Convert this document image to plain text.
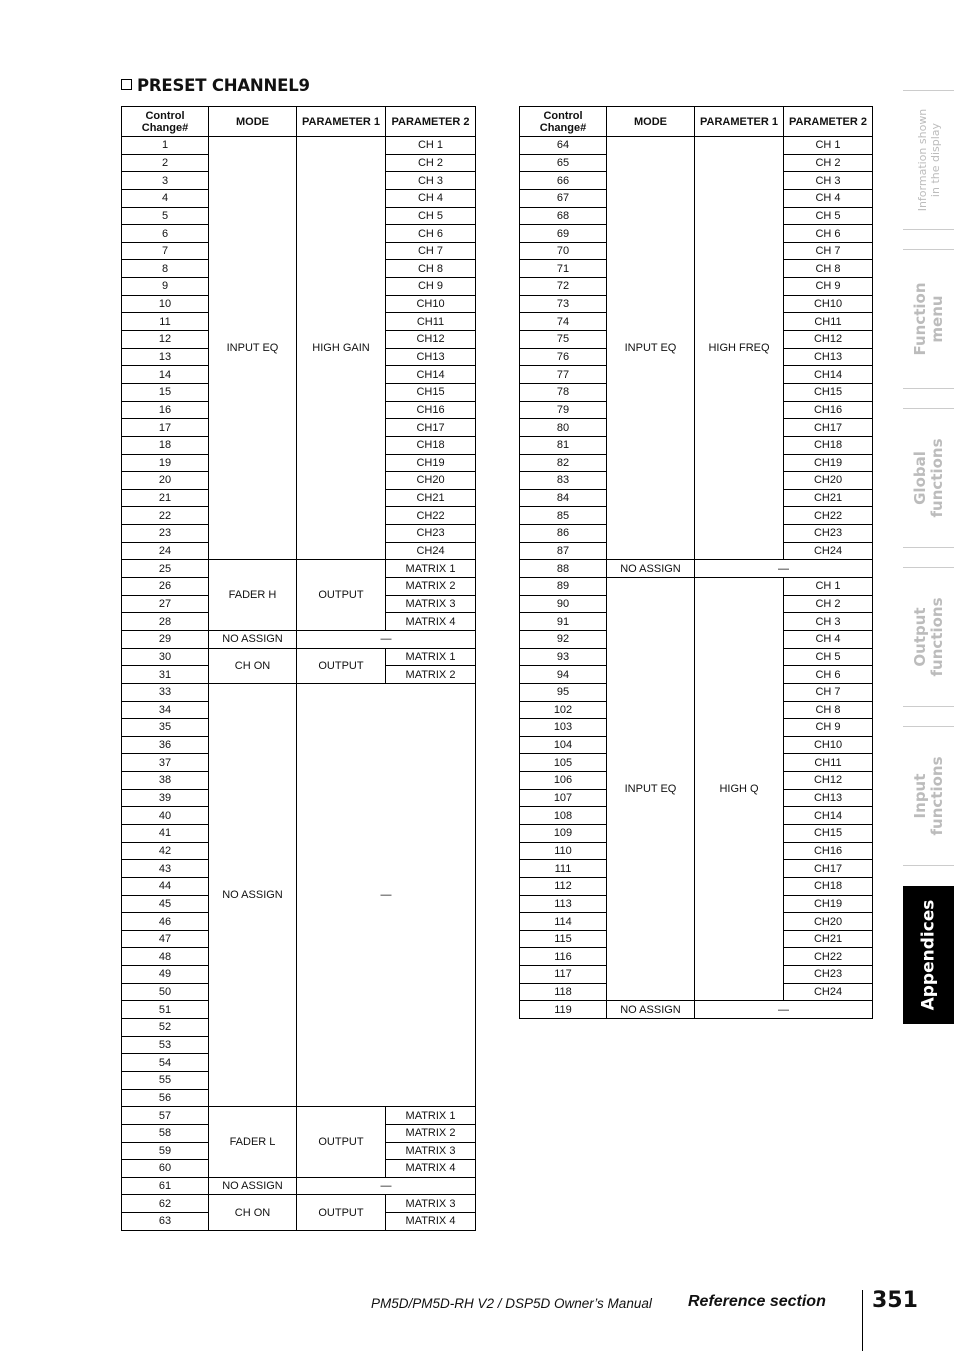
PRESET CHANNEL9
Control
Change#	MODE	PARAMETER 1	PARAMETER 2
1	INPUT EQ	HIGH GAIN	CH 1
2			CH 2
3			CH 3
4			CH 4
5			CH 5
6			CH 6
7			CH 7
8			CH 8
9			CH 9
10			CH10
11			CH11
12			CH12
13			CH13
14			CH14
15			CH15
16			CH16
17			CH17
18			CH18
19			CH19
20			CH20
21			CH21
22			CH22
23			CH23
24			CH24
25	FADER H	OUTPUT	MATRIX 1
26			MATRIX 2
27			MATRIX 3
28			MATRIX 4
29	NO ASSIGN	—	
30	CH ON	OUTPUT	MATRIX 1
31			MATRIX 2
33	NO ASSIGN	—	
34			
35			
36			
37			
38			
39			
40			
41			
42			
43			
44			
45			
46			
47			
48			
49			
50			
51			
52			
53			
54			
55			
56			
57	FADER L	OUTPUT	MATRIX 1
58			MATRIX 2
59			MATRIX 3
60			MATRIX 4
61	NO ASSIGN	—	
62	CH ON	OUTPUT	MATRIX 3
63			MATRIX 4
Control
Change#	MODE	PARAMETER 1	PARAMETER 2
64	INPUT EQ	HIGH FREQ	CH 1
65			CH 2
66			CH 3
67			CH 4
68			CH 5
69			CH 6
70			CH 7
71			CH 8
72			CH 9
73			CH10
74			CH11
75			CH12
76			CH13
77			CH14
78			CH15
79			CH16
80			CH17
81			CH18
82			CH19
83			CH20
84			CH21
85			CH22
86			CH23
87			CH24
88	NO ASSIGN	—	
89	INPUT EQ	HIGH Q	CH 1
90			CH 2
91			CH 3
92			CH 4
93			CH 5
94			CH 6
95			CH 7
102			CH 8
103			CH 9
104			CH10
105			CH11
106			CH12
107			CH13
108			CH14
109			CH15
110			CH16
111			CH17
112			CH18
113			CH19
114			CH20
115			CH21
116			CH22
117			CH23
118			CH24
119	NO ASSIGN	—	
Information shown
in the display
Function
menu
Global
functions
Output
functions
Input
functions
Appendices
PM5D/PM5D-RH V2 / DSP5D Owner’s Manual Reference section 351
